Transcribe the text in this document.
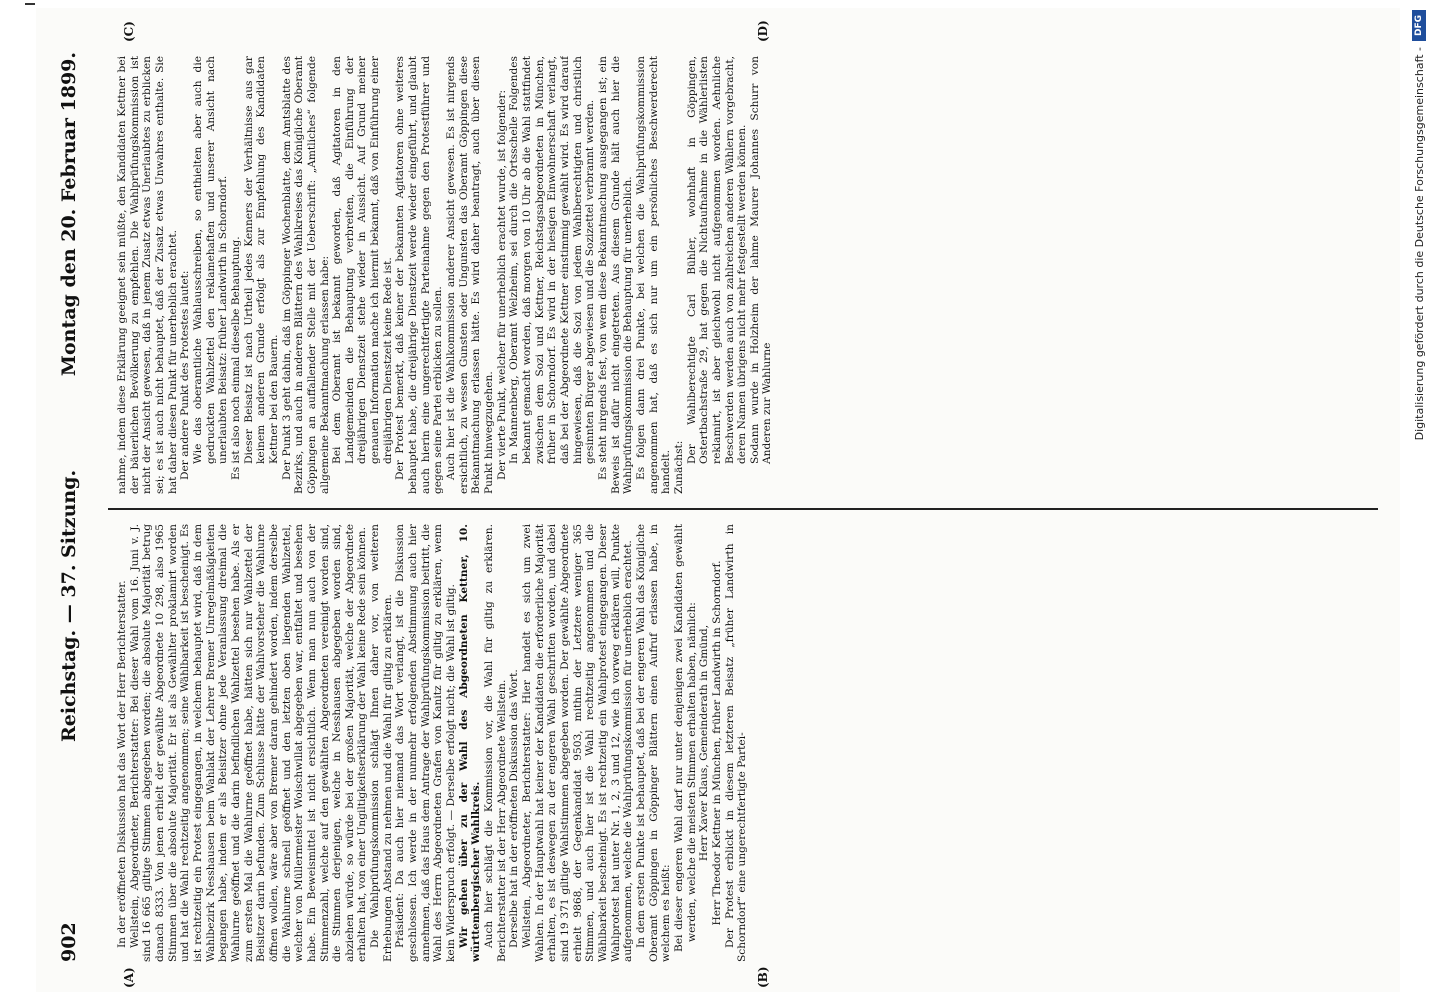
902
Reichstag. — 37. Sitzung.
Montag den 20. Februar 1899.
(A)	(B)
(C)	(D)

In der eröffneten Diskussion hat das Wort der Herr Berichterstatter. Wellstein, Abgeordneter, Berichterstatter: Bei dieser Wahl vom 16. Juni v. J. sind 16 665 giltige Stimmen abgegeben worden; die absolute Majorität betrug danach 8333. Von jenen erhielt der gewählte Abgeordnete 10 298, also 1965 Stimmen über die absolute Majorität. Er ist als Gewählter proklamirt worden und hat die Wahl rechtzeitig angenommen; seine Wählbarkeit ist bescheinigt. Es ist rechtzeitig ein Protest eingegangen, in welchem behauptet wird, daß in dem Wahlbezirk Nesshausen beim Wahlakt der Lehrer Bremer Unregelmäßigkeiten begangen habe, indem er als Beisitzer ohne jede Veranlassung dreimal die Wahlurne geöffnet und die darin befindlichen Wahlzettel besehen habe. Als er zum ersten Mal die Wahlurne geöffnet habe, hätten sich nur Wahlzettel der Beisitzer darin befunden. Zum Schlusse hätte der Wahlvorsteher die Wahlurne öffnen wollen, wäre aber von Bremer daran gehindert worden, indem derselbe die Wahlurne schnell geöffnet und den letzten oben liegenden Wahlzettel, welcher von Müllermeister Woischwillat abgegeben war, entfaltet und besehen habe. Ein Beweismittel ist nicht ersichtlich. Wenn man nun auch von der Stimmenzahl, welche auf den gewählten Abgeordneten vereinigt worden sind, die Stimmen derjenigen, welche in Nesshausen abgegeben worden sind, abziehen würde, so würde bei der großen Majorität, welche der Abgeordnete erhalten hat, von einer Ungiltigkeitserklärung der Wahl keine Rede sein können. Die Wahlprüfungskommission schlägt Ihnen daher vor, von weiteren Erhebungen Abstand zu nehmen und die Wahl für giltig zu erklären. Präsident: Da auch hier niemand das Wort verlangt, ist die Diskussion geschlossen. Ich werde in der nunmehr erfolgenden Abstimmung auch hier annehmen, daß das Haus dem Antrage der Wahlprüfungskommission beitritt, die Wahl des Herrn Abgeordneten Grafen von Kanitz für giltig zu erklären, wenn kein Widerspruch erfolgt. — Derselbe erfolgt nicht; die Wahl ist giltig. Wir gehen über zu der Wahl des Abgeordneten Kettner, 10. württembergischer Wahlkreis. Auch hier schlägt die Kommission vor, die Wahl für giltig zu erklären. Berichterstatter ist der Herr Abgeordnete Wellstein. Derselbe hat in der eröffneten Diskussion das Wort. Wellstein, Abgeordneter, Berichterstatter: Hier handelt es sich um zwei Wahlen. In der Hauptwahl hat keiner der Kandidaten die erforderliche Majorität erhalten, es ist deswegen zu der engeren Wahl geschritten worden, und dabei sind 19 371 giltige Wahlstimmen abgegeben worden. Der gewählte Abgeordnete erhielt 9868, der Gegenkandidat 9503, mithin der Letztere weniger 365 Stimmen, und auch hier ist die Wahl rechtzeitig angenommen und die Wählbarkeit bescheinigt. Es ist rechtzeitig ein Wahlprotest eingegangen. Dieser Wahlprotest hat unter Nr. 1, 2, 3 und 12, wie ich vorweg erklären will, Punkte aufgenommen, welche die Wahlprüfungskommission für unerheblich erachtet. In dem ersten Punkte ist behauptet, daß bei der engeren Wahl das Königliche Oberamt Göppingen in Göppinger Blättern einen Aufruf erlassen habe, in welchem es heißt: Bei dieser engeren Wahl darf nur unter denjenigen zwei Kandidaten gewählt werden, welche die meisten Stimmen erhalten haben, nämlich: Herr Xaver Klaus, Gemeinderath in Gmünd, Herr Theodor Kettner in München, früher Landwirth in Schorndorf. Der Protest erblickt in diesem letzteren Beisatz „früher Landwirth in Schorndorf“ eine ungerechtfertigte Partei-

nahme, indem diese Erklärung geeignet sein müßte, den Kandidaten Kettner bei der bäuerlichen Bevölkerung zu empfehlen. Die Wahlprüfungskommission ist nicht der Ansicht gewesen, daß in jenem Zusatz etwas Unerlaubtes zu erblicken sei; es ist auch nicht behauptet, daß der Zusatz etwas Unwahres enthalte. Sie hat daher diesen Punkt für unerheblich erachtet. Der andere Punkt des Protestes lautet: Wie das oberamtliche Wahlausschreiben, so enthielten aber auch die gedruckten Wahlzettel den reklamehaften und unserer Ansicht nach unerlaubten Beisatz: früher Landwirth in Schorndorf. Es ist also noch einmal dieselbe Behauptung. Dieser Beisatz ist nach Urtheil jedes Kenners der Verhältnisse aus gar keinem anderen Grunde erfolgt als zur Empfehlung des Kandidaten Kettner bei den Bauern. Der Punkt 3 geht dahin, daß im Göppinger Wochenblatte, dem Amtsblatte des Bezirks, und auch in anderen Blättern des Wahlkreises das Königliche Oberamt Göppingen an auffallender Stelle mit der Ueberschrift: „Amtliches“ folgende allgemeine Bekanntmachung erlassen habe: Bei dem Oberamt ist bekannt geworden, daß Agitatoren in den Landgemeinden die Behauptung verbreiten, die Einführung der dreijährigen Dienstzeit stehe wieder in Aussicht. Auf Grund meiner genauen Information mache ich hiermit bekannt, daß von Einführung einer dreijährigen Dienstzeit keine Rede ist. Der Protest bemerkt, daß keiner der bekannten Agitatoren ohne weiteres behauptet habe, die dreijährige Dienstzeit werde wieder eingeführt, und glaubt auch hierin eine ungerechtfertigte Parteinahme gegen den Protestführer und gegen seine Partei erblicken zu sollen. Auch hier ist die Wahlkommission anderer Ansicht gewesen. Es ist nirgends ersichtlich, zu wessen Gunsten oder Ungunsten das Oberamt Göppingen diese Bekanntmachung erlassen hätte. Es wird daher beantragt, auch über diesen Punkt hinwegzugehen. Der vierte Punkt, welcher für unerheblich erachtet wurde, ist folgender: In Mannenberg, Oberamt Welzheim, sei durch die Ortsschelle Folgendes bekannt gemacht worden, daß morgen von 10 Uhr ab die Wahl stattfindet zwischen dem Sozi und Kettner, Reichstagsabgeordneten in München, früher in Schorndorf. Es wird in der hiesigen Einwohnerschaft verlangt, daß bei der Abgeordnete Kettner einstimmig gewählt wird. Es wird darauf hingewiesen, daß die Sozi von jedem Wahlberechtigten und christlich gesinnten Bürger abgewiesen und die Sozizettel verbrannt werden. Es steht nirgends fest, von wem diese Bekanntmachung ausgegangen ist; ein Beweis ist dafür nicht eingetreten. Aus diesem Grunde hält auch hier die Wahlprüfungskommission die Behauptung für unerheblich. Es folgen dann drei Punkte, bei welchen die Wahlprüfungskommission angenommen hat, daß es sich nur um ein persönliches Beschwerderecht handelt. Zunächst:

Der Wahlberechtigte Carl Bühler, wohnhaft in Göppingen, Ostertbachstraße 29, hat gegen die Nichtaufnahme in die Wählerlisten reklamirt, ist aber gleichwohl nicht aufgenommen worden. Aehnliche Beschwerden werden auch von zahlreichen anderen Wählern vorgebracht, deren Namen übrigens nicht mehr festgestellt werden können. Sodann wurde in Holzheim der lahme Maurer Johannes Schurr von Anderen zur Wahlurne	Digitalisierung gefördert durch die Deutsche Forschungsgemeinschaft -
DFG
